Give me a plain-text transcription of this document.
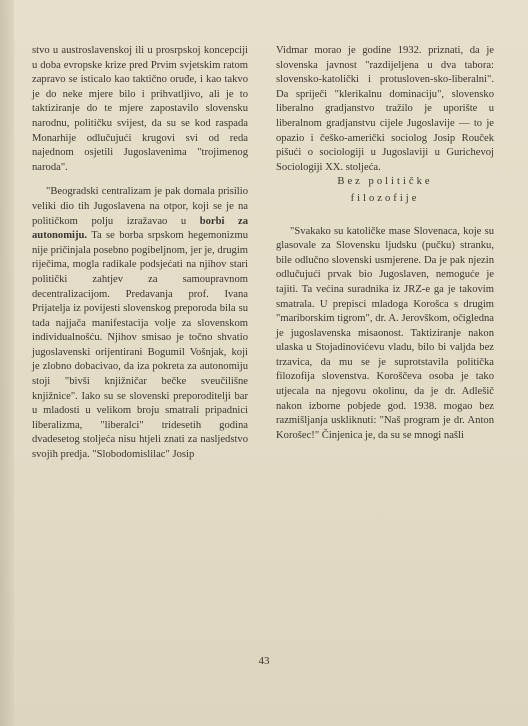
stvo u austroslavenskoj ili u prosrpskoj koncepciji u doba evropske krize pred Prvim svjetskim ratom zapravo se isticalo kao taktično oruđe, i kao takvo je do neke mjere bilo i prihvatljivo, ali je to taktiziranje do te mjere zapostavilo slovensku narodnu, političku svijest, da su se kod raspada Monarhije odlučujući krugovi svi od reda najednom osjetili Jugoslavenima "trojimenog naroda".

"Beogradski centralizam je pak domala prisilio veliki dio tih Jugoslavena na otpor, koji se je na političkom polju izražavao u borbi za autonomiju. Ta se borba srpskom hegemonizmu nije pričinjala posebno pogibeljnom, jer je, drugim riječima, mogla radikale podsjećati na njihov stari politički zahtjev za samoupravnom decentralizacijom. Predavanja prof. Ivana Prijatelja iz povijesti slovenskog preporoda bila su tada najjača manifestacija volje za slovenskom individualnošću. Njihov smisao je točno shvatio jugoslavenski orijentirani Bogumil Vošnjak, koji je zlobno dobacivao, da iza pokreta za autonomiju stoji "bivši knjižničar bečke sveučilišne knjižnice". Iako su se slovenski preporoditelji bar u mladosti u velikom broju smatrali pripadnici liberalizma, "liberalci" tridesetih godina dvadesetog stoljeća nisu htjeli znati za nasljedstvo svojih predja. "Slobodomislilac" Josip

Vidmar morao je godine 1932. priznati, da je slovenska javnost "razdijeljena u dva tabora: slovensko-katolički i protusloven-sko-liberalni". Da spriječi "klerikalnu dominaciju", slovensko liberalno gradjanstvo tražilo je uporište u liberalnom gradjanstvu cijele Jugoslavije — to je opazio i češko-američki sociolog Josip Rouček pišući o sociologiji u Jugoslaviji u Gurichevoj Sociologiji XX. stoljeća.

Bez političke

filozofije

"Svakako su katoličke mase Slovenaca, koje su glasovale za Slovensku ljudsku (pučku) stranku, bile odlučno slovenski usmjerene. Da je pak njezin odlučujući prvak bio Jugoslaven, nemoguće je tajiti. Ta većina suradnika iz JRZ-e ga je takovim smatrala. U prepisci mladoga Korošca s drugim "mariborskim tigrom", dr. A. Jerovškom, očigledna je jugoslavenska misaonost. Taktiziranje nakon ulaska u Stojadinovićevu vladu, bilo bi valjda bez trzavica, da mu se je suprotstavila politička filozofija slovenstva. Koroščeva osoba je tako utjecala na njegovu okolinu, da je dr. Adlešič nakon izborne pobjede god. 1938. mogao bez razmišljanja uskliknuti: "Naš program je dr. Anton Korošec!" Činjenica je, da su se mnogi našli

43
